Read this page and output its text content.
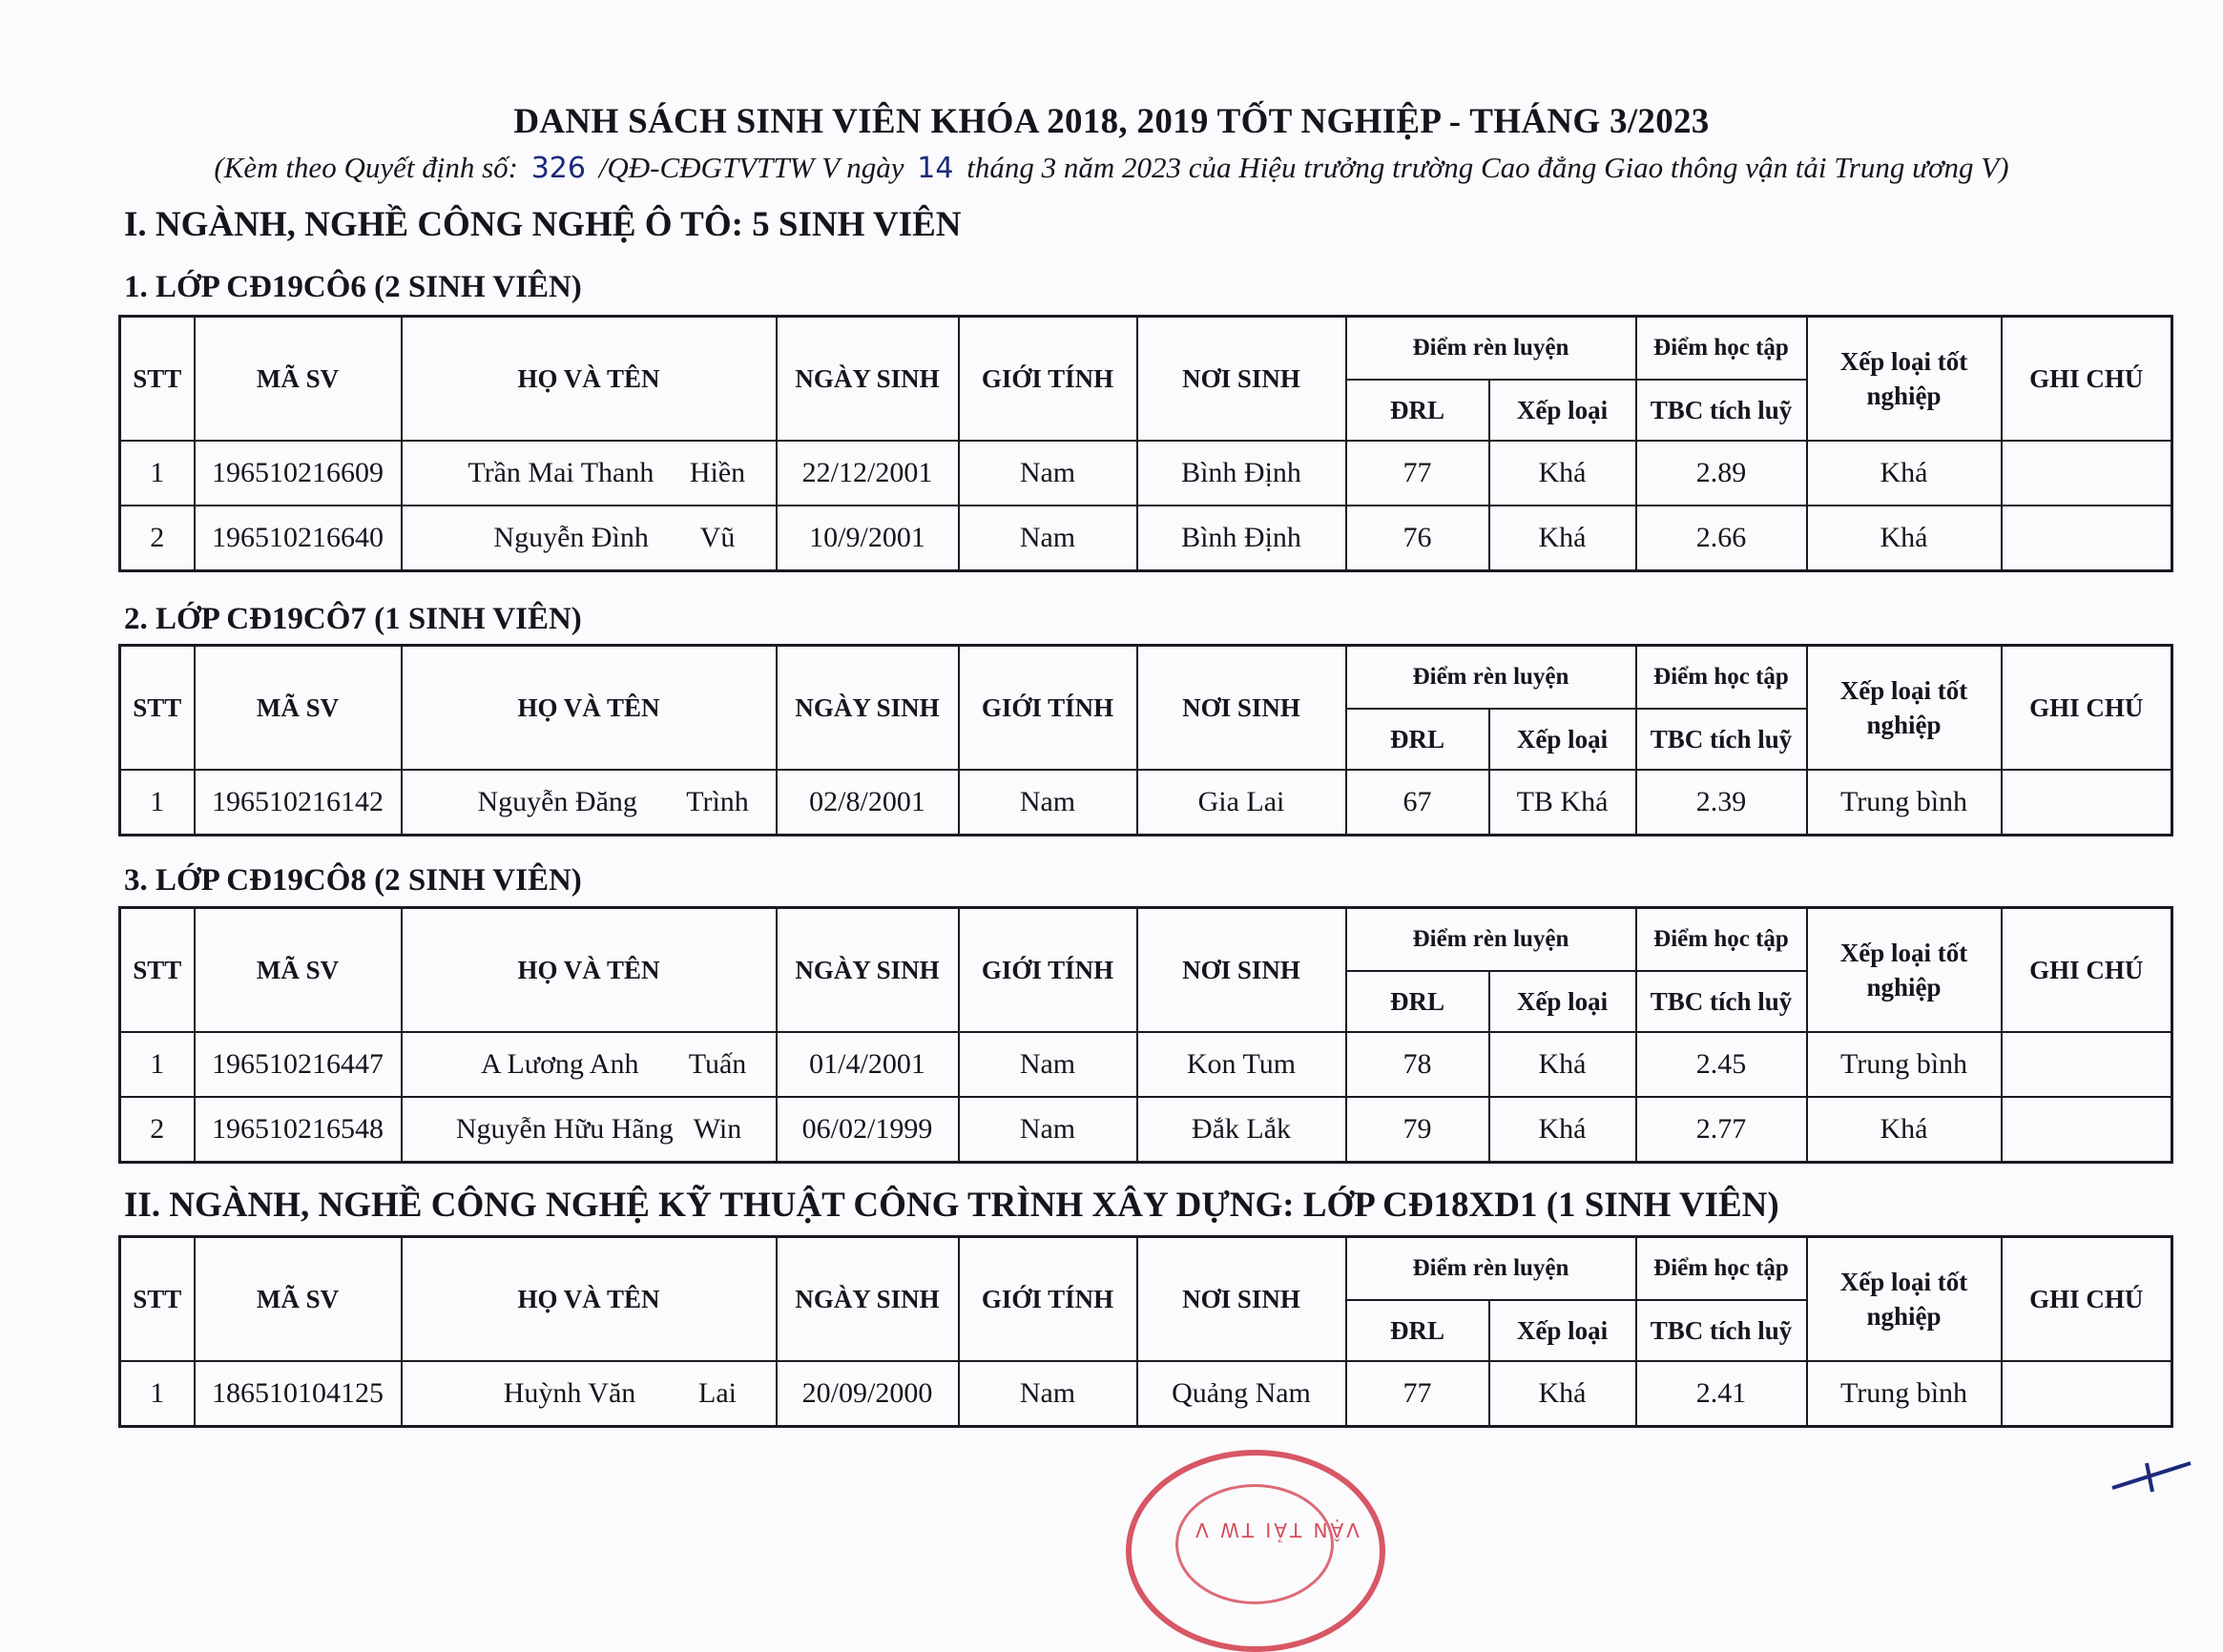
DANH SÁCH SINH VIÊN KHÓA 2018, 2019 TỐT NGHIỆP - THÁNG 3/2023
(Kèm theo Quyết định số: 326 /QĐ-CĐGTVTTW V ngày 14 tháng 3 năm 2023 của Hiệu trưởng trường Cao đẳng Giao thông vận tải Trung ương V)
I. NGÀNH, NGHỀ CÔNG NGHỆ Ô TÔ: 5 SINH VIÊN
1. LỚP CĐ19CÔ6 (2 SINH VIÊN)
STT	MÃ SV	HỌ VÀ TÊN	NGÀY SINH	GIỚI TÍNH	NƠI SINH	Điểm rèn luyện		Điểm học tập	Xếp loại tốt nghiệp	GHI CHÚ
						ĐRL	Xếp loại	TBC tích luỹ		
1	196510216609	Trần Mai Thanh Hiền	22/12/2001	Nam	Bình Định	77	Khá	2.89	Khá	
2	196510216640	Nguyễn Đình Vũ	10/9/2001	Nam	Bình Định	76	Khá	2.66	Khá	
2. LỚP CĐ19CÔ7 (1 SINH VIÊN)
STT	MÃ SV	HỌ VÀ TÊN	NGÀY SINH	GIỚI TÍNH	NƠI SINH	Điểm rèn luyện		Điểm học tập	Xếp loại tốt nghiệp	GHI CHÚ
						ĐRL	Xếp loại	TBC tích luỹ		
1	196510216142	Nguyễn Đăng Trình	02/8/2001	Nam	Gia Lai	67	TB Khá	2.39	Trung bình	
3. LỚP CĐ19CÔ8 (2 SINH VIÊN)
STT	MÃ SV	HỌ VÀ TÊN	NGÀY SINH	GIỚI TÍNH	NƠI SINH	Điểm rèn luyện		Điểm học tập	Xếp loại tốt nghiệp	GHI CHÚ
						ĐRL	Xếp loại	TBC tích luỹ		
1	196510216447	A Lương Anh Tuấn	01/4/2001	Nam	Kon Tum	78	Khá	2.45	Trung bình	
2	196510216548	Nguyễn Hữu Hãng Win	06/02/1999	Nam	Đắk Lắk	79	Khá	2.77	Khá	
II. NGÀNH, NGHỀ CÔNG NGHỆ KỸ THUẬT CÔNG TRÌNH XÂY DỰNG: LỚP CĐ18XD1 (1 SINH VIÊN)
STT	MÃ SV	HỌ VÀ TÊN	NGÀY SINH	GIỚI TÍNH	NƠI SINH	Điểm rèn luyện		Điểm học tập	Xếp loại tốt nghiệp	GHI CHÚ
						ĐRL	Xếp loại	TBC tích luỹ		
1	186510104125	Huỳnh Văn Lai	20/09/2000	Nam	Quảng Nam	77	Khá	2.41	Trung bình	
VẬN TẢI TW V
